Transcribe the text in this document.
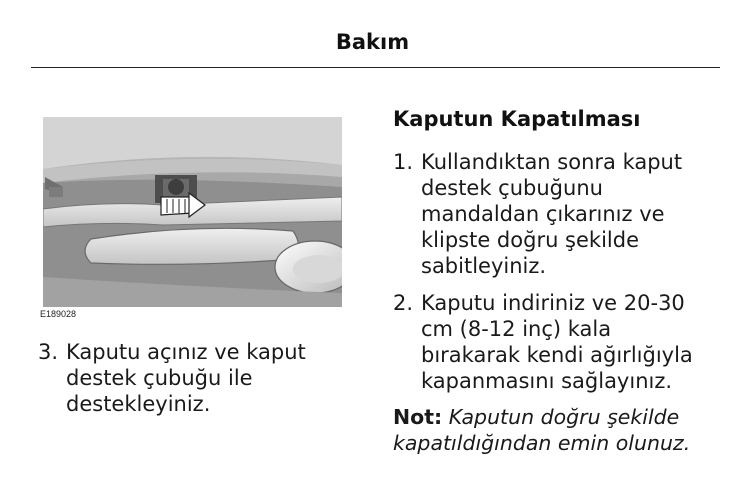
Bakım
E189028
3. Kaputu açınız ve kaput
destek çubuğu ile
destekleyiniz.
Kaputun Kapatılması
1. Kullandıktan sonra kaput
destek çubuğunu
mandaldan çıkarınız ve
klipste doğru şekilde
sabitleyiniz.
2. Kaputu indiriniz ve 20-30
cm (8-12 inç) kala
bırakarak kendi ağırlığıyla
kapanmasını sağlayınız.
Not: Kaputun doğru şekilde
kapatıldığından emin olunuz.
